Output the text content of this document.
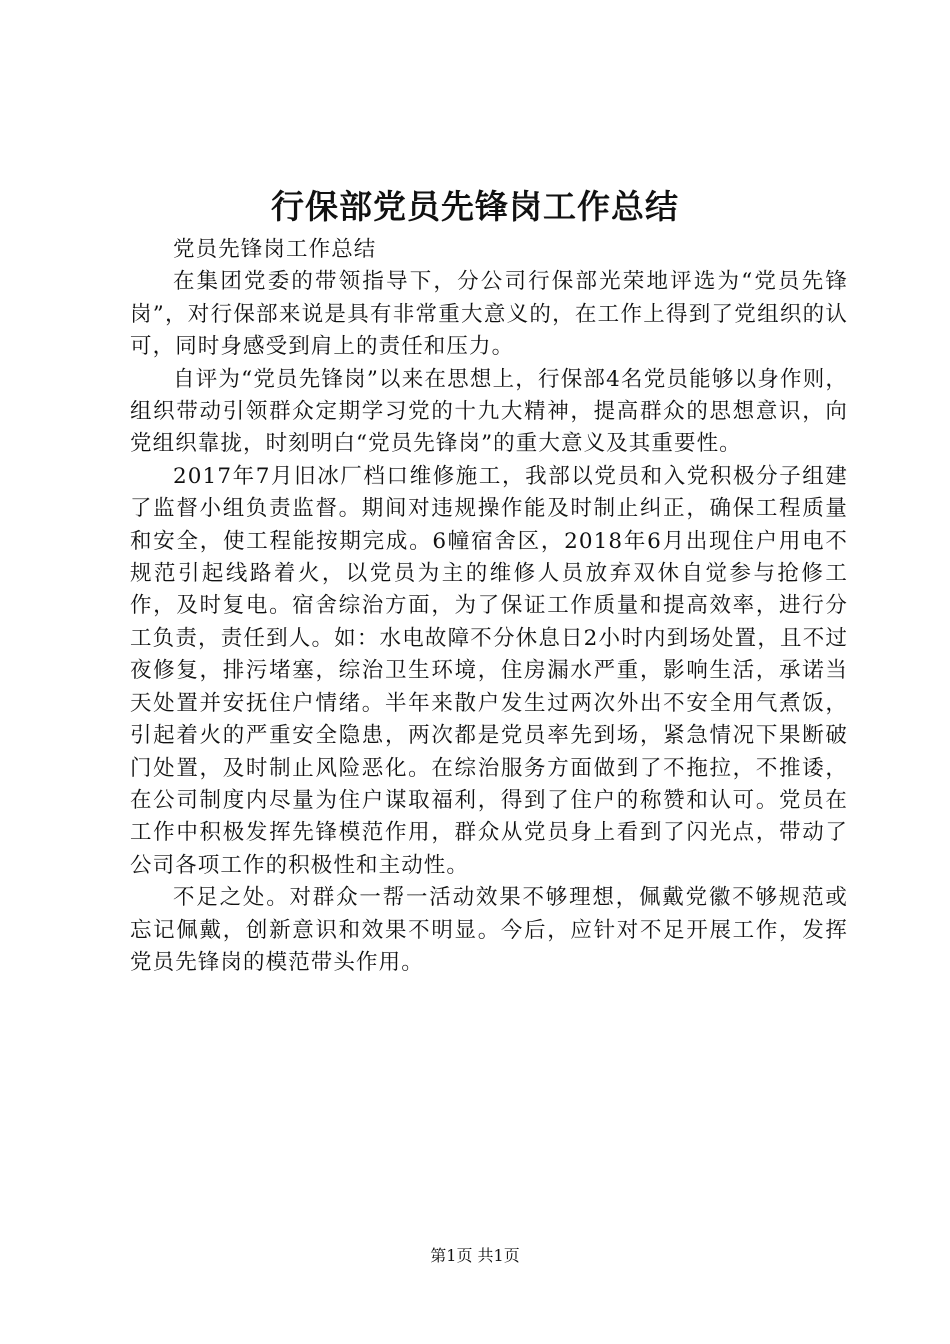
行保部党员先锋岗工作总结

党员先锋岗工作总结

在集团党委的带领指导下，分公司行保部光荣地评选为“党员先锋岗”，对行保部来说是具有非常重大意义的，在工作上得到了党组织的认可，同时身感受到肩上的责任和压力。

自评为“党员先锋岗”以来在思想上，行保部4名党员能够以身作则，组织带动引领群众定期学习党的十九大精神，提高群众的思想意识，向党组织靠拢，时刻明白“党员先锋岗”的重大意义及其重要性。

2017年7月旧冰厂档口维修施工，我部以党员和入党积极分子组建了监督小组负责监督。期间对违规操作能及时制止纠正，确保工程质量和安全，使工程能按期完成。6幢宿舍区，2018年6月出现住户用电不规范引起线路着火，以党员为主的维修人员放弃双休自觉参与抢修工作，及时复电。宿舍综治方面，为了保证工作质量和提高效率，进行分工负责，责任到人。如：水电故障不分休息日2小时内到场处置，且不过夜修复，排污堵塞，综治卫生环境，住房漏水严重，影响生活，承诺当天处置并安抚住户情绪。半年来散户发生过两次外出不安全用气煮饭，引起着火的严重安全隐患，两次都是党员率先到场，紧急情况下果断破门处置，及时制止风险恶化。在综治服务方面做到了不拖拉，不推诿，在公司制度内尽量为住户谋取福利，得到了住户的称赞和认可。党员在工作中积极发挥先锋模范作用，群众从党员身上看到了闪光点，带动了公司各项工作的积极性和主动性。

不足之处。对群众一帮一活动效果不够理想，佩戴党徽不够规范或忘记佩戴，创新意识和效果不明显。今后，应针对不足开展工作，发挥党员先锋岗的模范带头作用。

第1页 共1页
